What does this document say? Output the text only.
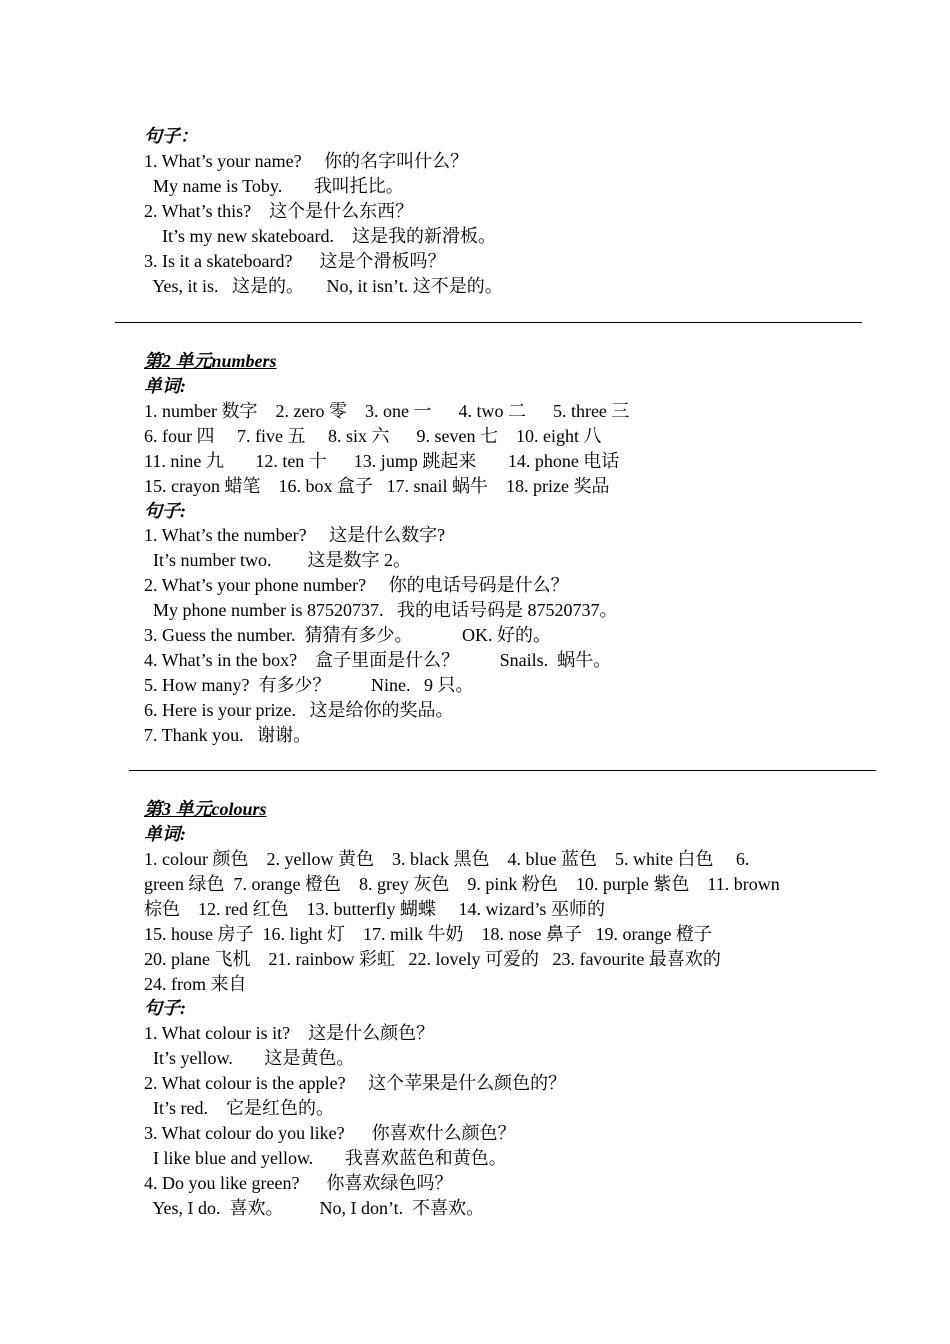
句子：
1. What’s your name?     你的名字叫什么？
My name is Toby.       我叫托比。
2. What’s this?    这个是什么东西？
It’s my new skateboard.    这是我的新滑板。
3. Is it a skateboard?      这是个滑板吗？
Yes, it is.   这是的。     No, it isn’t. 这不是的。
第2 单元numbers
单词:
1. number 数字    2. zero 零    3. one 一      4. two 二      5. three 三
6. four 四     7. five 五     8. six 六      9. seven 七    10. eight 八
11. nine 九       12. ten 十      13. jump 跳起来       14. phone 电话
15. crayon 蜡笔    16. box 盒子   17. snail 蜗牛    18. prize 奖品
句子:
1. What’s the number?     这是什么数字?
It’s number two.        这是数字 2。
2. What’s your phone number?     你的电话号码是什么？
My phone number is 87520737.   我的电话号码是 87520737。
3. Guess the number.  猜猜有多少。           OK. 好的。
4. What’s in the box?    盒子里面是什么？         Snails.  蜗牛。
5. How many?  有多少？         Nine.   9 只。
6. Here is your prize.   这是给你的奖品。
7. Thank you.   谢谢。
第3 单元colours
单词:
1. colour 颜色    2. yellow 黄色    3. black 黑色    4. blue 蓝色    5. white 白色     6.
green 绿色  7. orange 橙色    8. grey 灰色    9. pink 粉色    10. purple 紫色    11. brown
棕色    12. red 红色    13. butterfly 蝴蝶     14. wizard’s 巫师的
15. house 房子  16. light 灯    17. milk 牛奶    18. nose 鼻子   19. orange 橙子
20. plane 飞机    21. rainbow 彩虹   22. lovely 可爱的   23. favourite 最喜欢的
24. from 来自
句子:
1. What colour is it?    这是什么颜色？
It’s yellow.       这是黄色。
2. What colour is the apple?     这个苹果是什么颜色的？
It’s red.    它是红色的。
3. What colour do you like?      你喜欢什么颜色？
I like blue and yellow.       我喜欢蓝色和黄色。
4. Do you like green?      你喜欢绿色吗？
Yes, I do.  喜欢。        No, I don’t.  不喜欢。
